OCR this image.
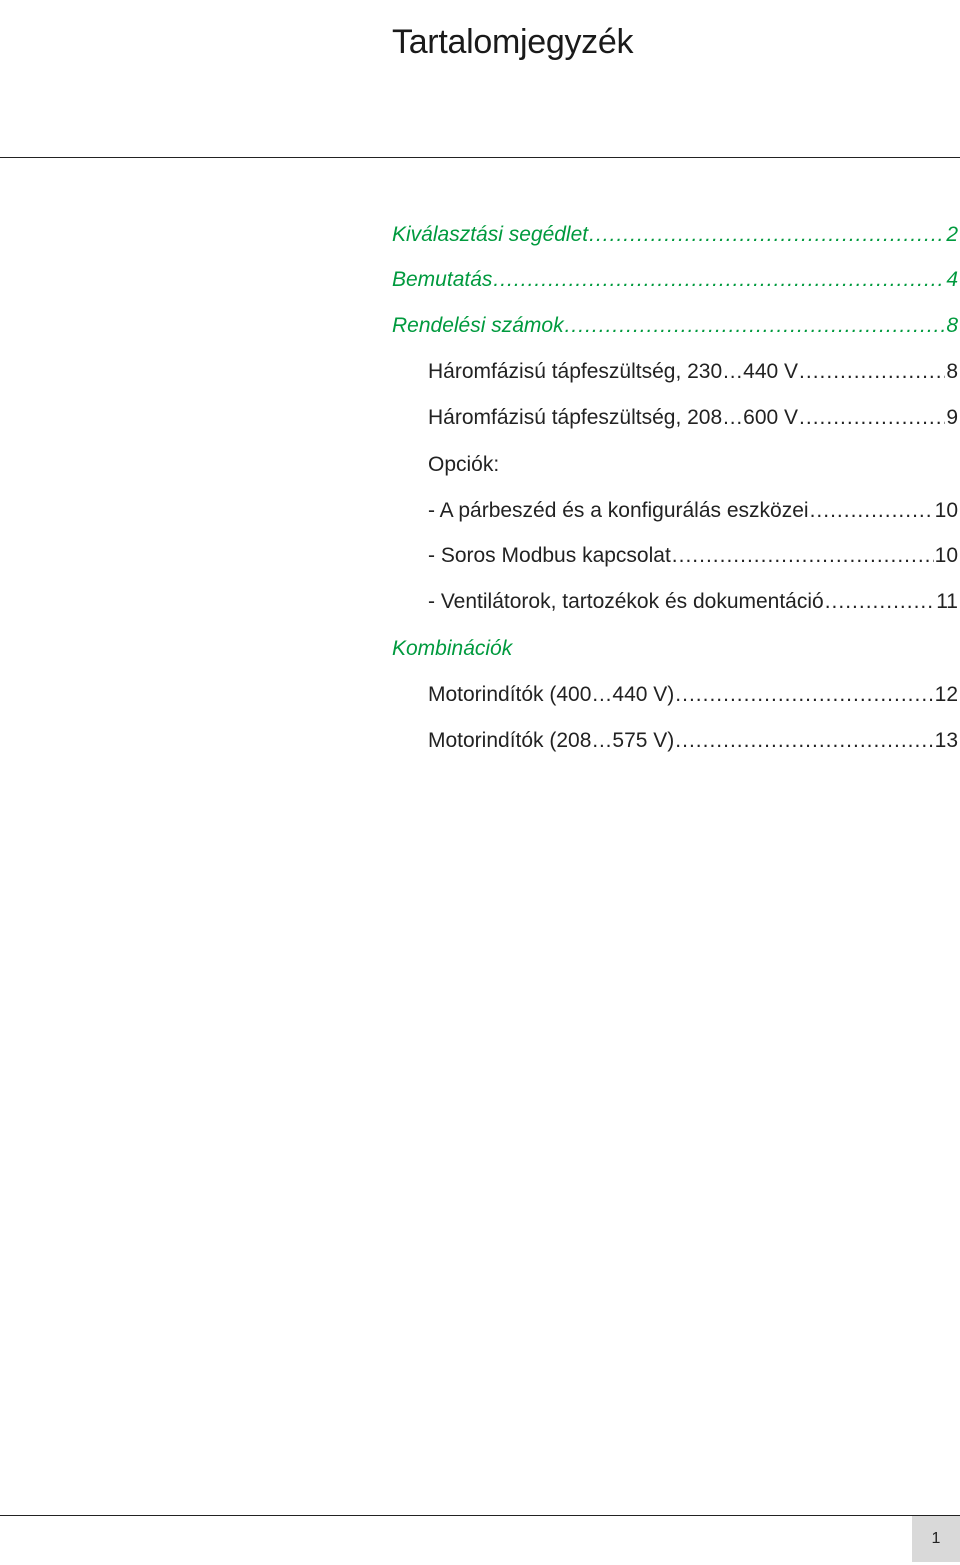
Tartalomjegyzék
Kiválasztási segédlet .....	2
Bemutatás .....	4
Rendelési számok .....	8
Háromfázisú tápfeszültség, 230…440 V .....	8
Háromfázisú tápfeszültség, 208…600 V .....	9
Opciók:
- A párbeszéd és a konfigurálás eszközei .....	10
- Soros Modbus kapcsolat .....	10
- Ventilátorok, tartozékok és dokumentáció .....	11
Kombinációk
Motorindítók (400…440 V) .....	12
Motorindítók (208…575 V) .....	13
1
